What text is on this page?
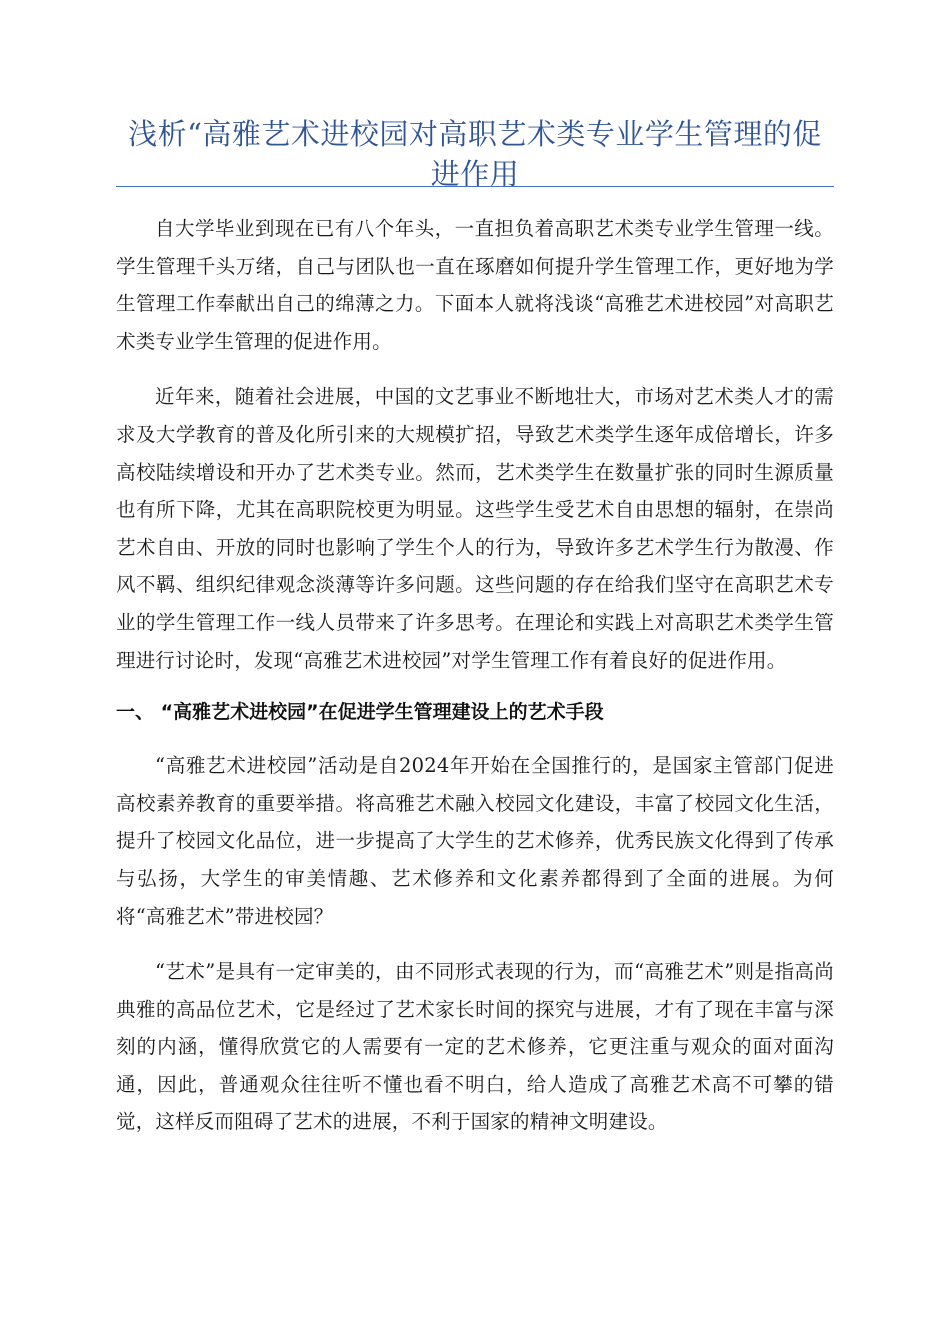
浅析“高雅艺术进校园对高职艺术类专业学生管理的促进作用

自大学毕业到现在已有八个年头，一直担负着高职艺术类专业学生管理一线。学生管理千头万绪，自己与团队也一直在琢磨如何提升学生管理工作，更好地为学生管理工作奉献出自己的绵薄之力。下面本人就将浅谈“高雅艺术进校园”对高职艺术类专业学生管理的促进作用。

近年来，随着社会进展，中国的文艺事业不断地壮大，市场对艺术类人才的需求及大学教育的普及化所引来的大规模扩招，导致艺术类学生逐年成倍增长，许多高校陆续增设和开办了艺术类专业。然而，艺术类学生在数量扩张的同时生源质量也有所下降，尤其在高职院校更为明显。这些学生受艺术自由思想的辐射，在崇尚艺术自由、开放的同时也影响了学生个人的行为，导致许多艺术学生行为散漫、作风不羁、组织纪律观念淡薄等许多问题。这些问题的存在给我们坚守在高职艺术专业的学生管理工作一线人员带来了许多思考。在理论和实践上对高职艺术类学生管理进行讨论时，发现“高雅艺术进校园”对学生管理工作有着良好的促进作用。

一、 “高雅艺术进校园”在促进学生管理建设上的艺术手段

“高雅艺术进校园”活动是自2024年开始在全国推行的，是国家主管部门促进高校素养教育的重要举措。将高雅艺术融入校园文化建设，丰富了校园文化生活，提升了校园文化品位，进一步提高了大学生的艺术修养，优秀民族文化得到了传承与弘扬，大学生的审美情趣、艺术修养和文化素养都得到了全面的进展。为何将“高雅艺术”带进校园？

“艺术”是具有一定审美的，由不同形式表现的行为，而“高雅艺术”则是指高尚典雅的高品位艺术，它是经过了艺术家长时间的探究与进展，才有了现在丰富与深刻的内涵，懂得欣赏它的人需要有一定的艺术修养，它更注重与观众的面对面沟通，因此，普通观众往往听不懂也看不明白，给人造成了高雅艺术高不可攀的错觉，这样反而阻碍了艺术的进展，不利于国家的精神文明建设。
